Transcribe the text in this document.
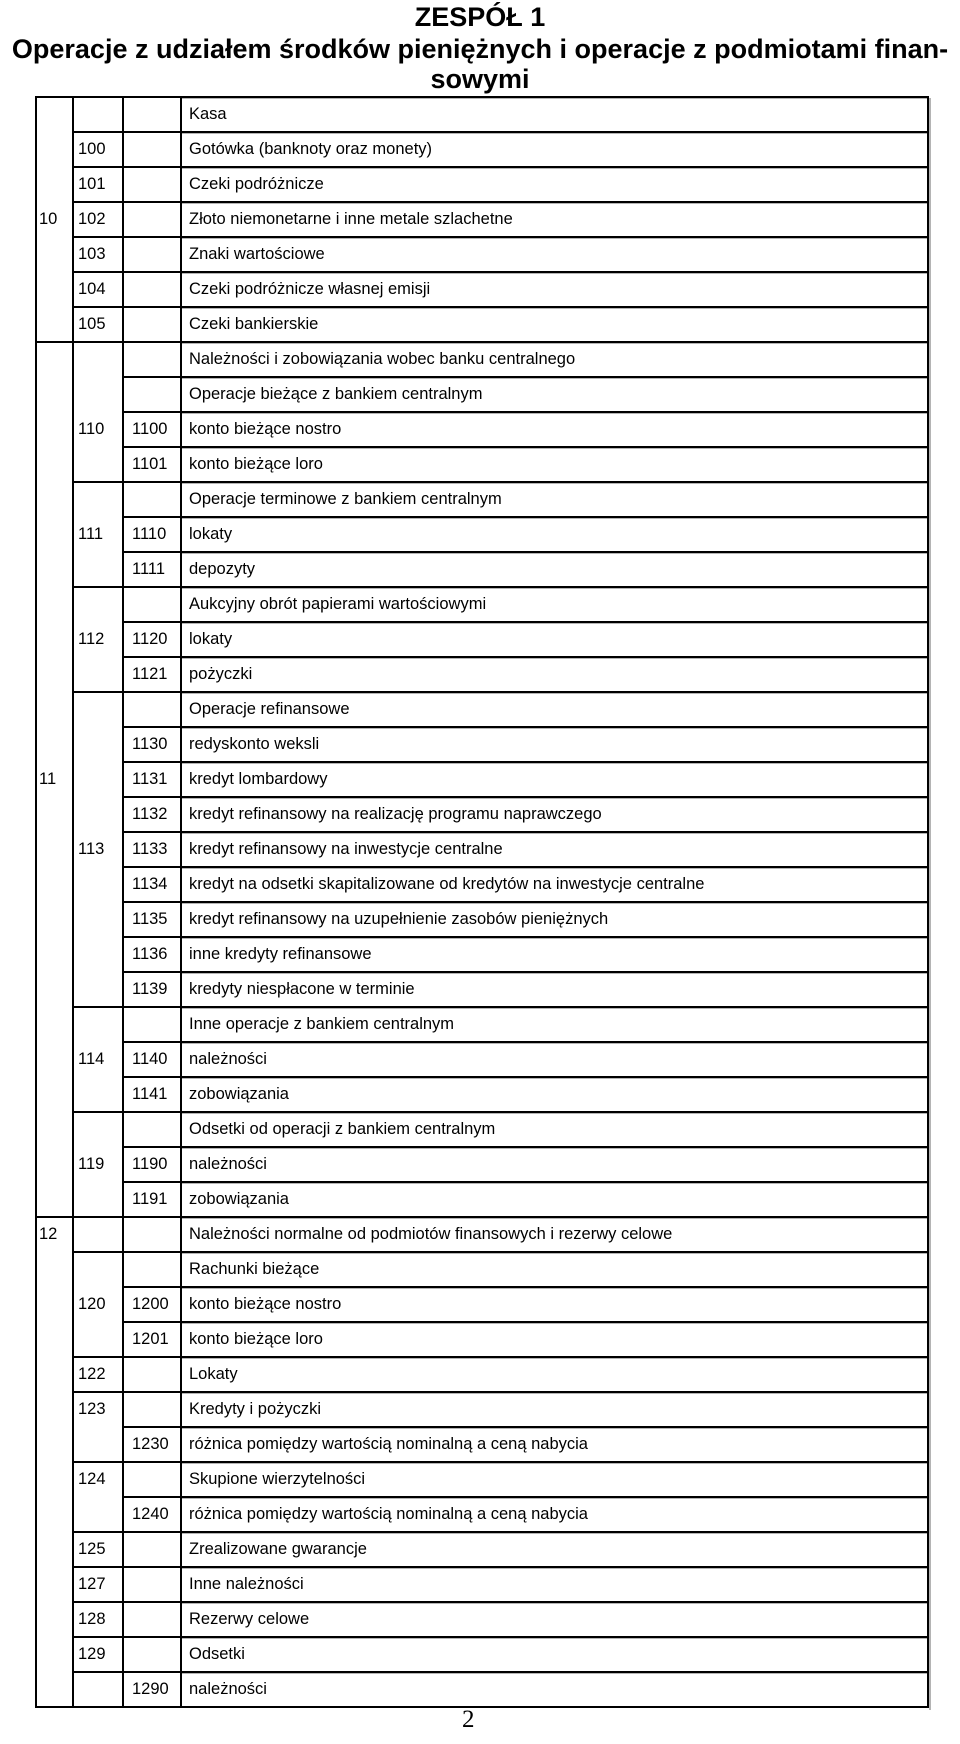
ZESPÓŁ 1
Operacje z udziałem środków pieniężnych i operacje z podmiotami finan-
sowymi
Kasa
Gotówka (banknoty oraz monety)
100
Czeki podróżnicze
101
Złoto niemonetarne i inne metale szlachetne
102
10
Znaki wartościowe
103
Czeki podróżnicze własnej emisji
104
Czeki bankierskie
105
Należności i zobowiązania wobec banku centralnego
Operacje bieżące z bankiem centralnym
konto bieżące nostro
1100
110
konto bieżące loro
1101
Operacje terminowe z bankiem centralnym
lokaty
1110
111
depozyty
1111
Aukcyjny obrót papierami wartościowymi
lokaty
1120
112
pożyczki
1121
Operacje refinansowe
redyskonto weksli
1130
kredyt lombardowy
1131
11
kredyt refinansowy na realizację programu naprawczego
1132
kredyt refinansowy na inwestycje centralne
1133
113
kredyt na odsetki skapitalizowane od kredytów na inwestycje centralne
1134
kredyt refinansowy na uzupełnienie zasobów pieniężnych
1135
inne kredyty refinansowe
1136
kredyty niespłacone w terminie
1139
Inne operacje z bankiem centralnym
należności
1140
114
zobowiązania
1141
Odsetki od operacji z bankiem centralnym
należności
1190
119
zobowiązania
1191
Należności normalne od podmiotów finansowych i rezerwy celowe
12
Rachunki bieżące
konto bieżące nostro
1200
120
konto bieżące loro
1201
Lokaty
122
Kredyty i pożyczki
123
różnica pomiędzy wartością nominalną a ceną nabycia
1230
Skupione wierzytelności
124
różnica pomiędzy wartością nominalną a ceną nabycia
1240
Zrealizowane gwarancje
125
Inne należności
127
Rezerwy celowe
128
Odsetki
129
należności
1290
2
